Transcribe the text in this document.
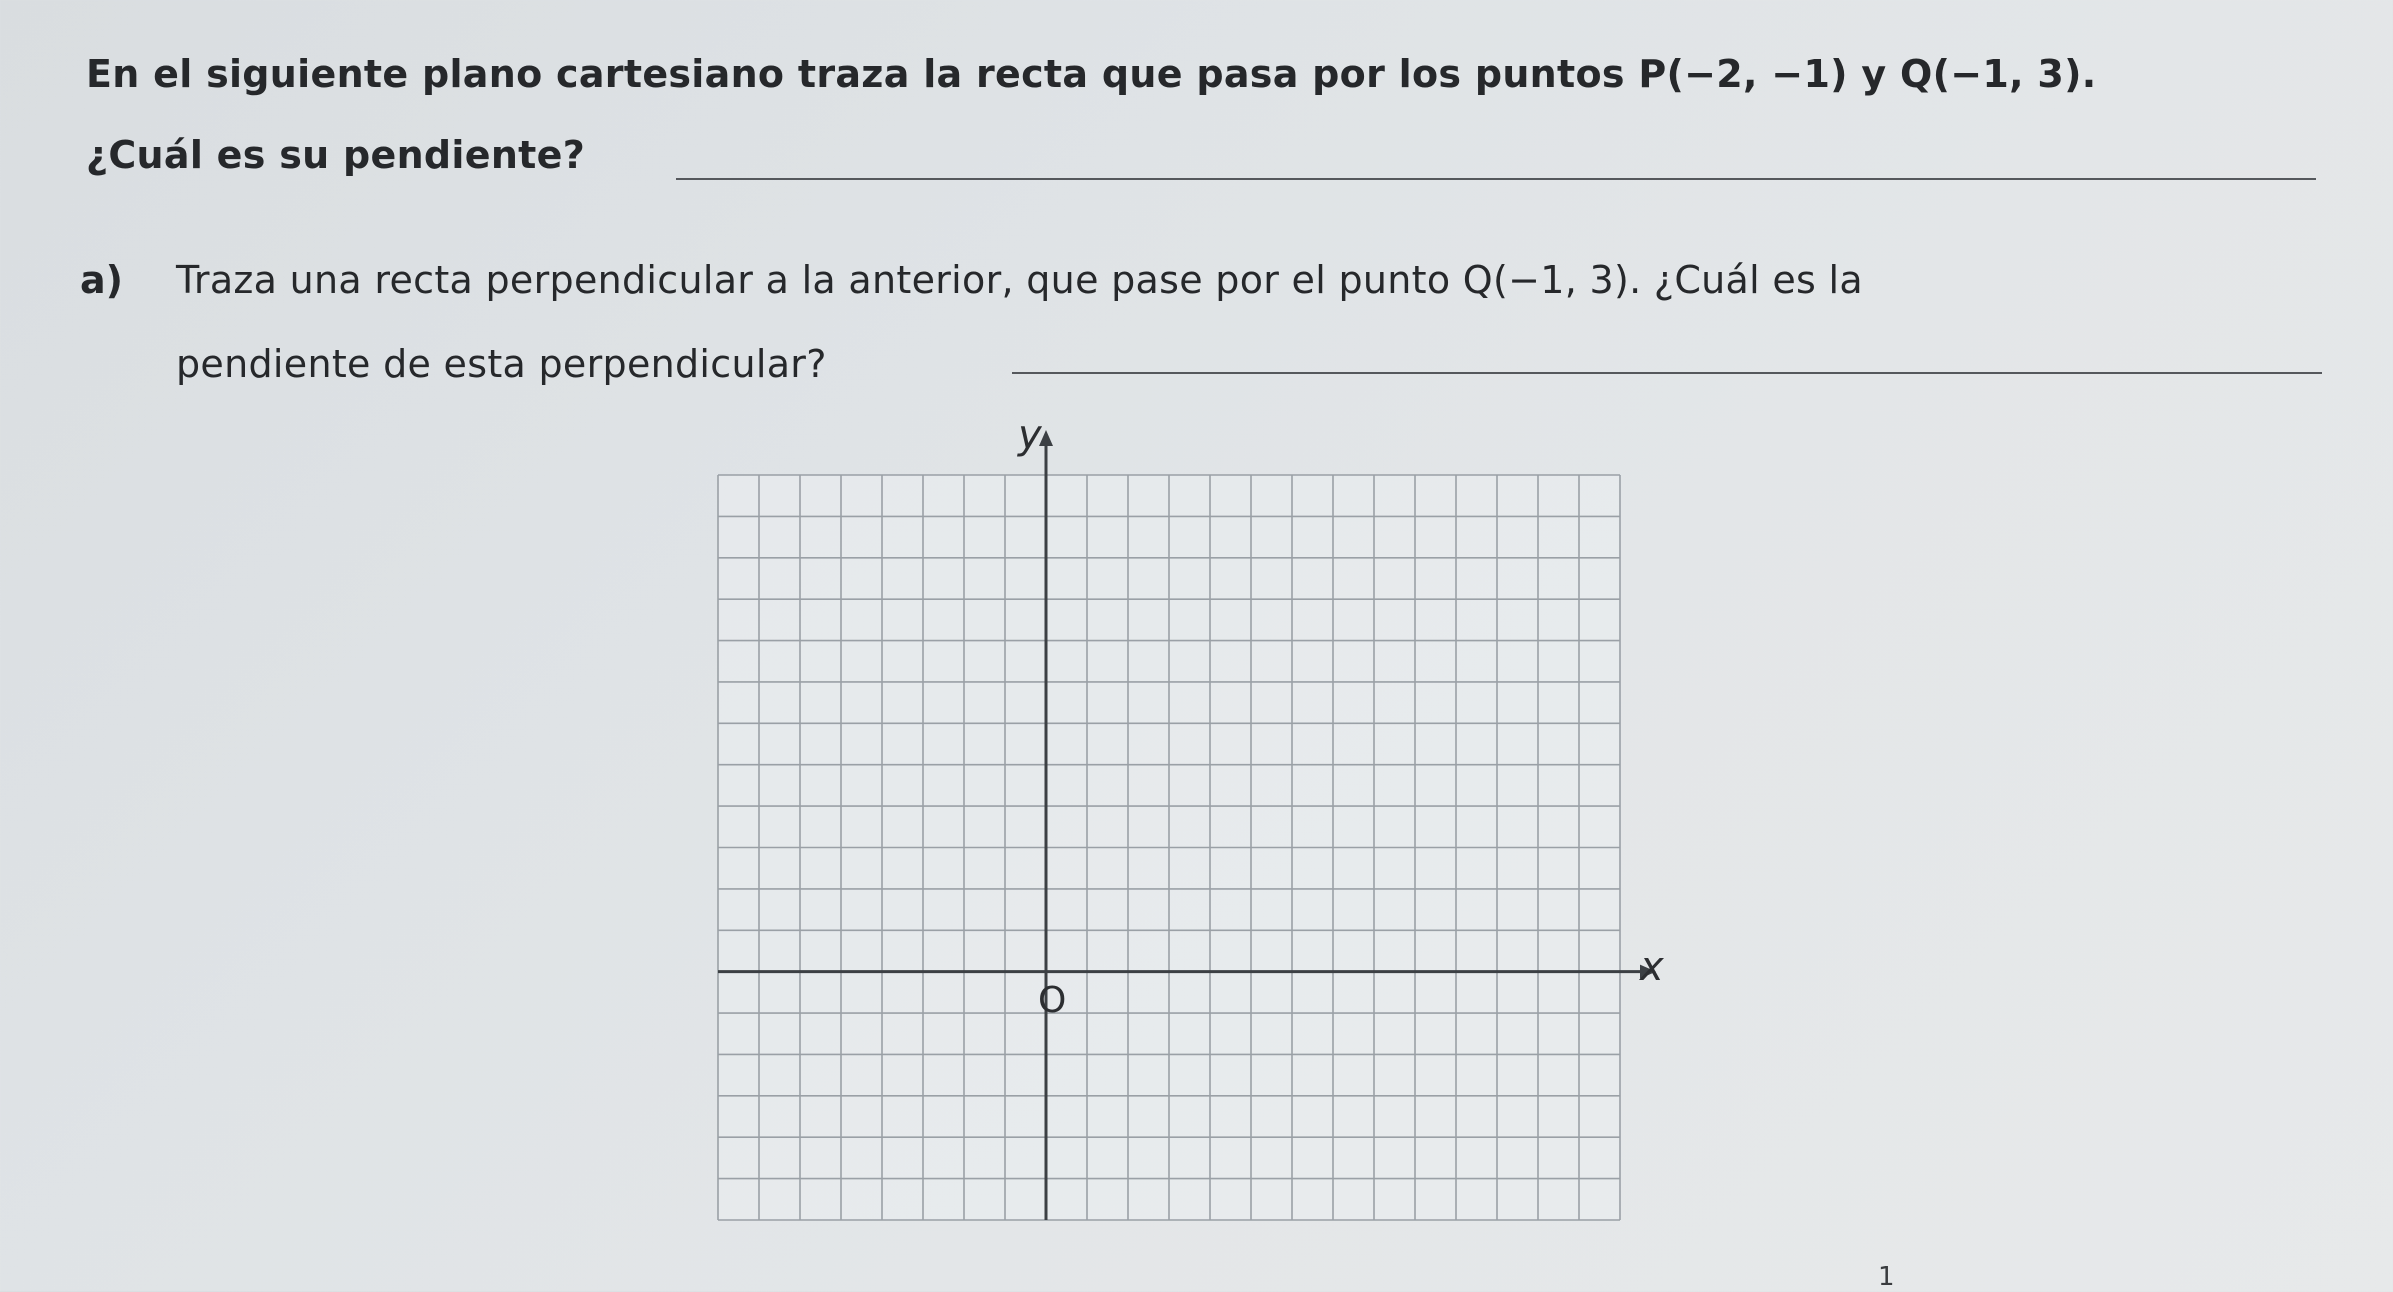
En el siguiente plano cartesiano traza la recta que pasa por los puntos P(−2, −1) y Q(−1, 3).
¿Cuál es su pendiente?
a) Traza una recta perpendicular a la anterior, que pase por el punto Q(−1, 3). ¿Cuál es la
pendiente de esta perpendicular?
y
x
O
1
